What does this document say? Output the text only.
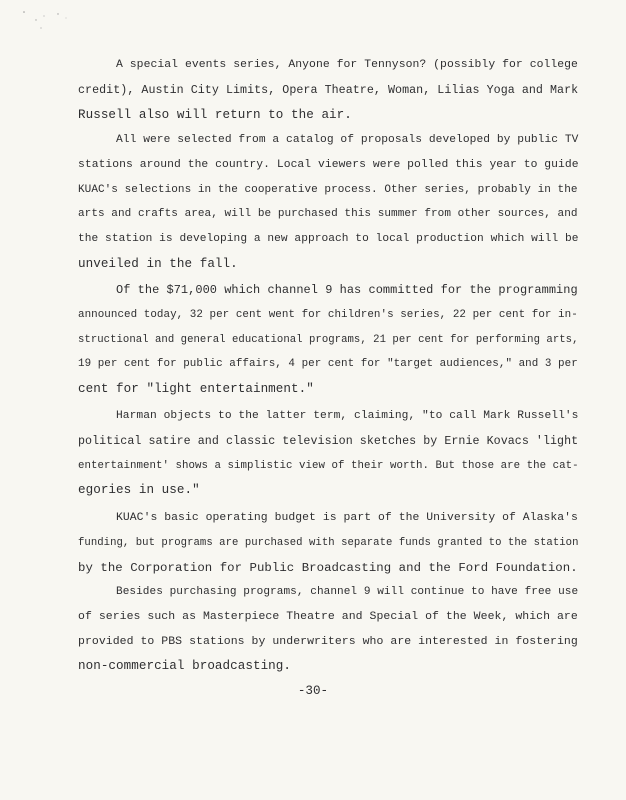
A special events series, Anyone for Tennyson? (possibly for college
credit), Austin City Limits, Opera Theatre, Woman, Lilias Yoga and Mark
Russell also will return to the air.
All were selected from a catalog of proposals developed by public TV
stations around the country. Local viewers were polled this year to guide
KUAC's selections in the cooperative process. Other series, probably in the
arts and crafts area, will be purchased this summer from other sources, and
the station is developing a new approach to local production which will be
unveiled in the fall.
Of the $71,000 which channel 9 has committed for the programming
announced today, 32 per cent went for children's series, 22 per cent for in-
structional and general educational programs, 21 per cent for performing arts,
19 per cent for public affairs, 4 per cent for "target audiences," and 3 per
cent for "light entertainment."
Harman objects to the latter term, claiming, "to call Mark Russell's
political satire and classic television sketches by Ernie Kovacs 'light
entertainment' shows a simplistic view of their worth. But those are the cat-
egories in use."
KUAC's basic operating budget is part of the University of Alaska's
funding, but programs are purchased with separate funds granted to the station
by the Corporation for Public Broadcasting and the Ford Foundation.
Besides purchasing programs, channel 9 will continue to have free use
of series such as Masterpiece Theatre and Special of the Week, which are
provided to PBS stations by underwriters who are interested in fostering
non-commercial broadcasting.
-30-
